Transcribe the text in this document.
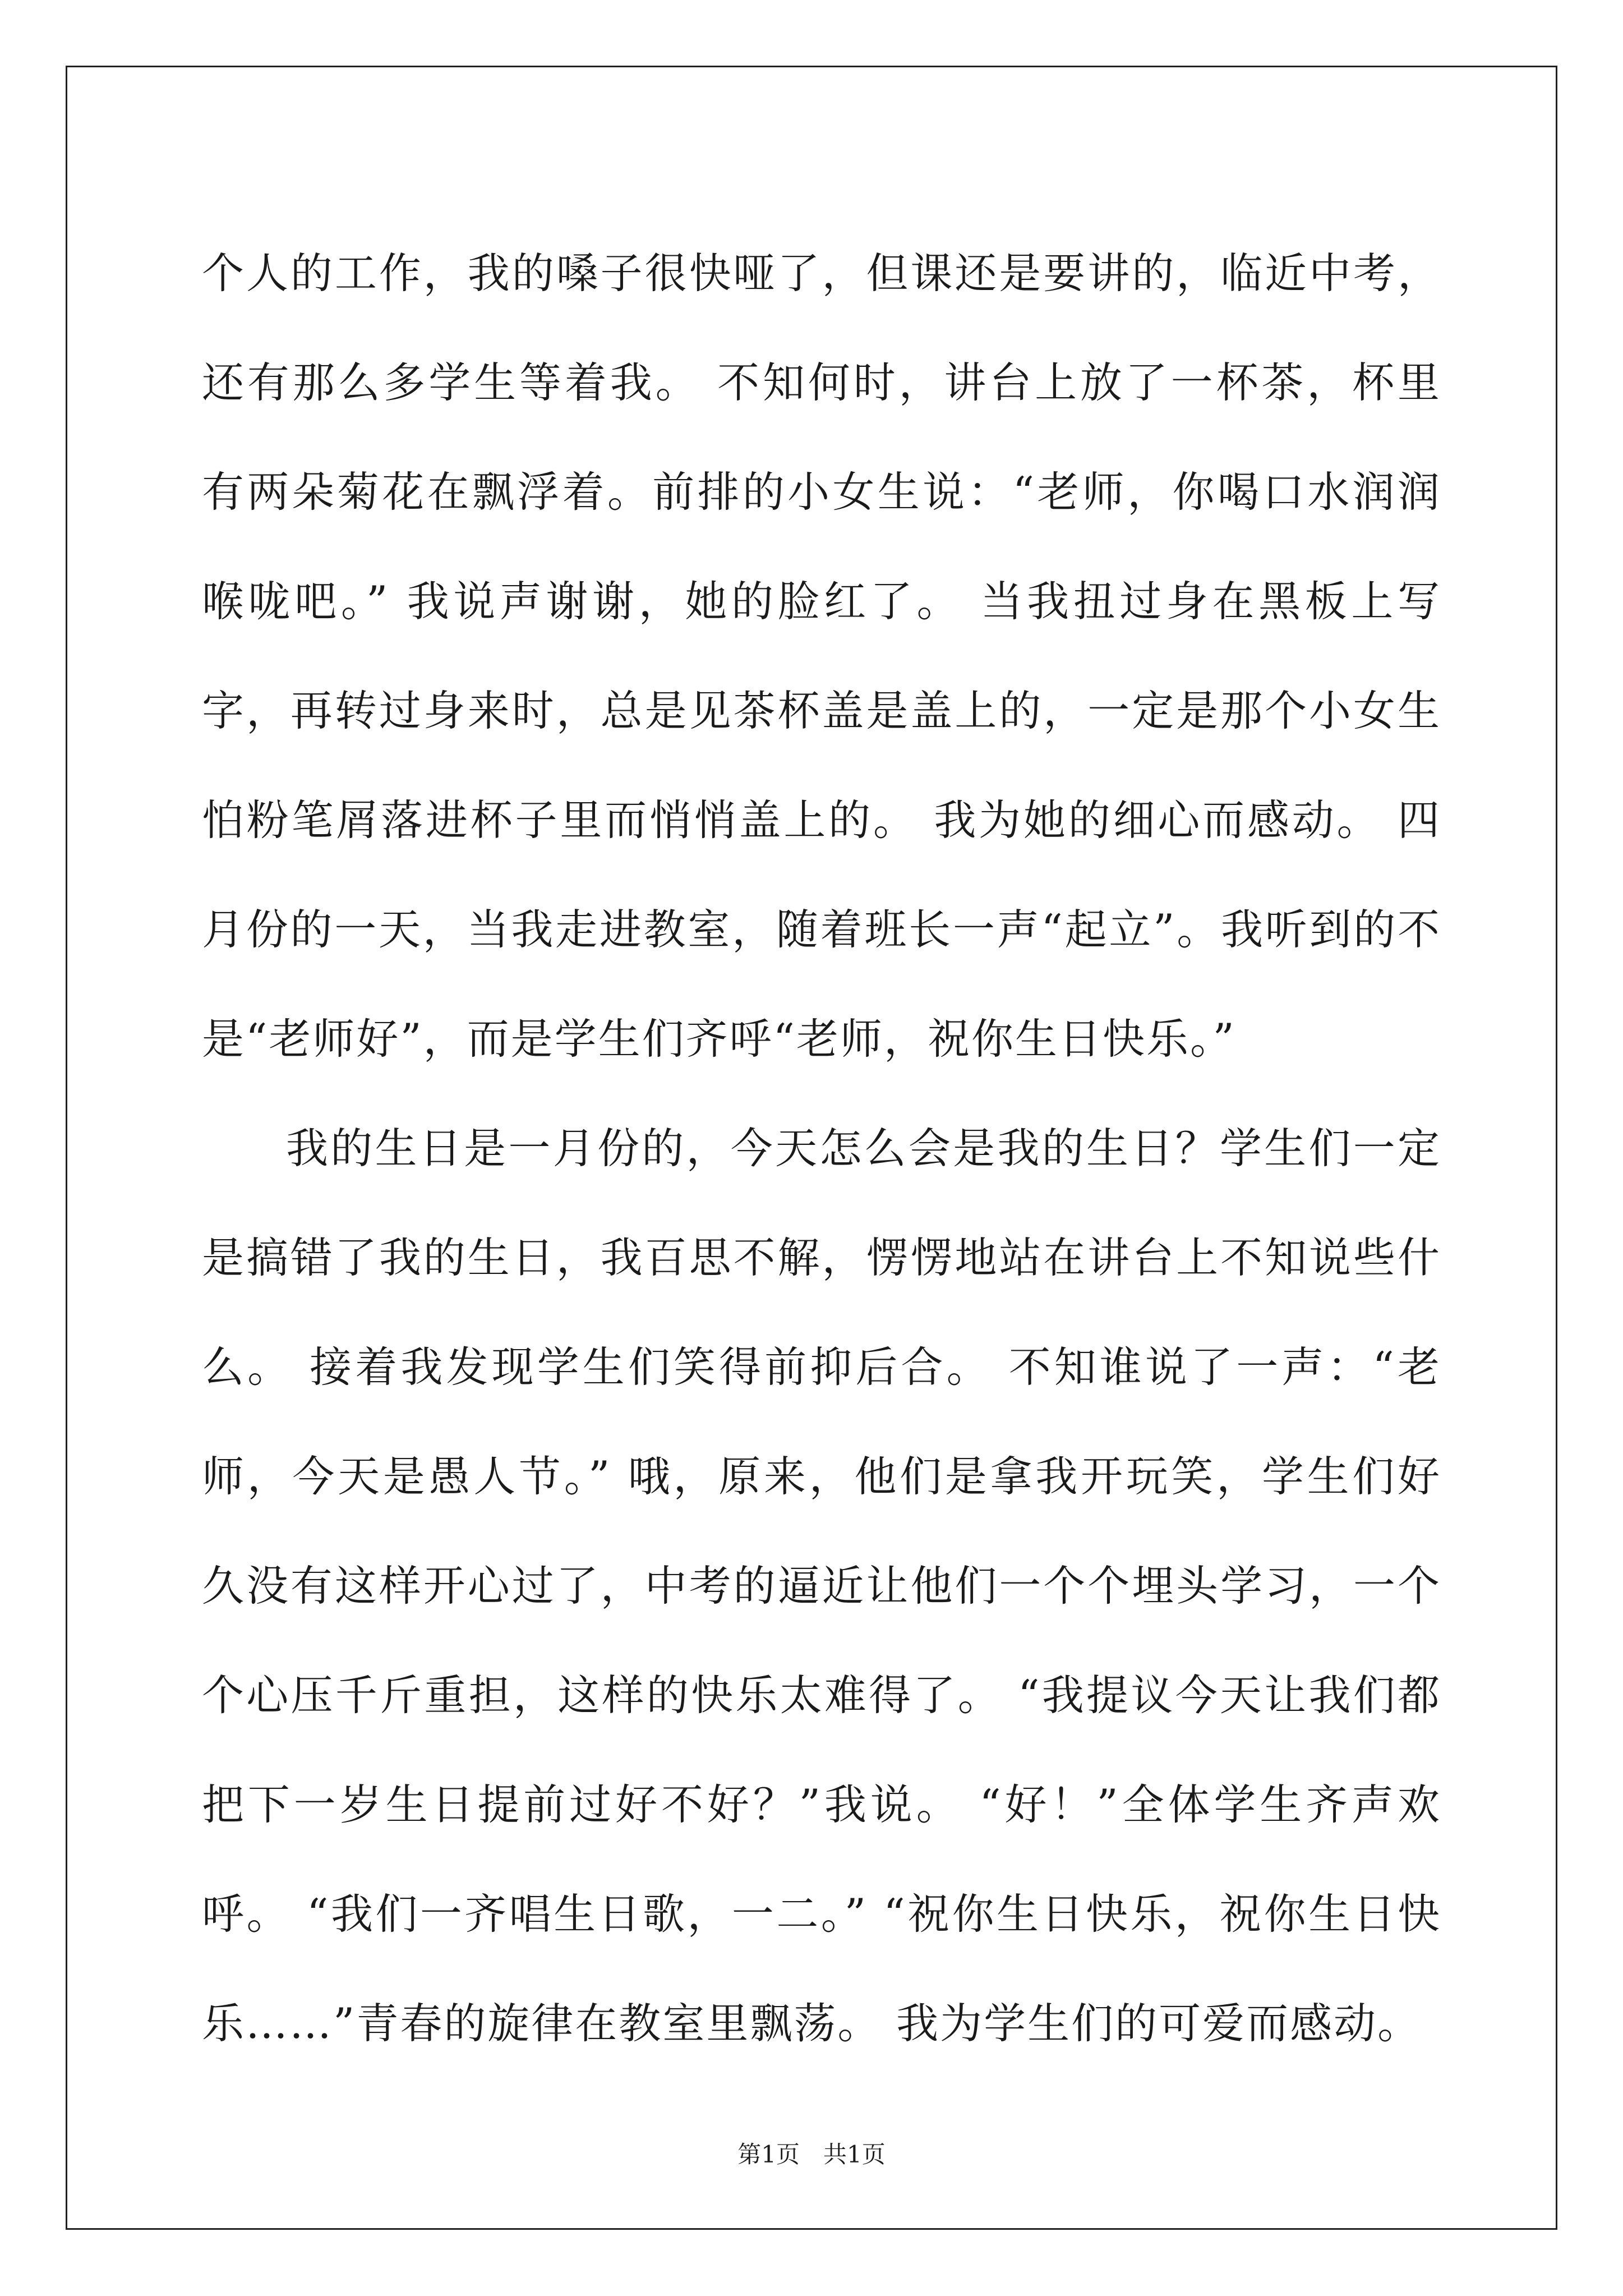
个人的工作，我的嗓子很快哑了，但课还是要讲的，临近中考，还有那么多学生等着我。 不知何时，讲台上放了一杯茶，杯里有两朵菊花在飘浮着。前排的小女生说：“老师，你喝口水润润喉咙吧。” 我说声谢谢，她的脸红了。 当我扭过身在黑板上写字，再转过身来时，总是见茶杯盖是盖上的，一定是那个小女生怕粉笔屑落进杯子里而悄悄盖上的。 我为她的细心而感动。 四月份的一天，当我走进教室，随着班长一声“起立”。我听到的不是“老师好”，而是学生们齐呼“老师，祝你生日快乐。”

我的生日是一月份的，今天怎么会是我的生日？学生们一定是搞错了我的生日，我百思不解，愣愣地站在讲台上不知说些什么。 接着我发现学生们笑得前抑后合。 不知谁说了一声：“老师，今天是愚人节。” 哦，原来，他们是拿我开玩笑，学生们好久没有这样开心过了，中考的逼近让他们一个个埋头学习，一个个心压千斤重担，这样的快乐太难得了。 “我提议今天让我们都把下一岁生日提前过好不好？”我说。 “好！”全体学生齐声欢呼。 “我们一齐唱生日歌，一二。” “祝你生日快乐，祝你生日快乐……”青春的旋律在教室里飘荡。 我为学生们的可爱而感动。

第1页　共1页
